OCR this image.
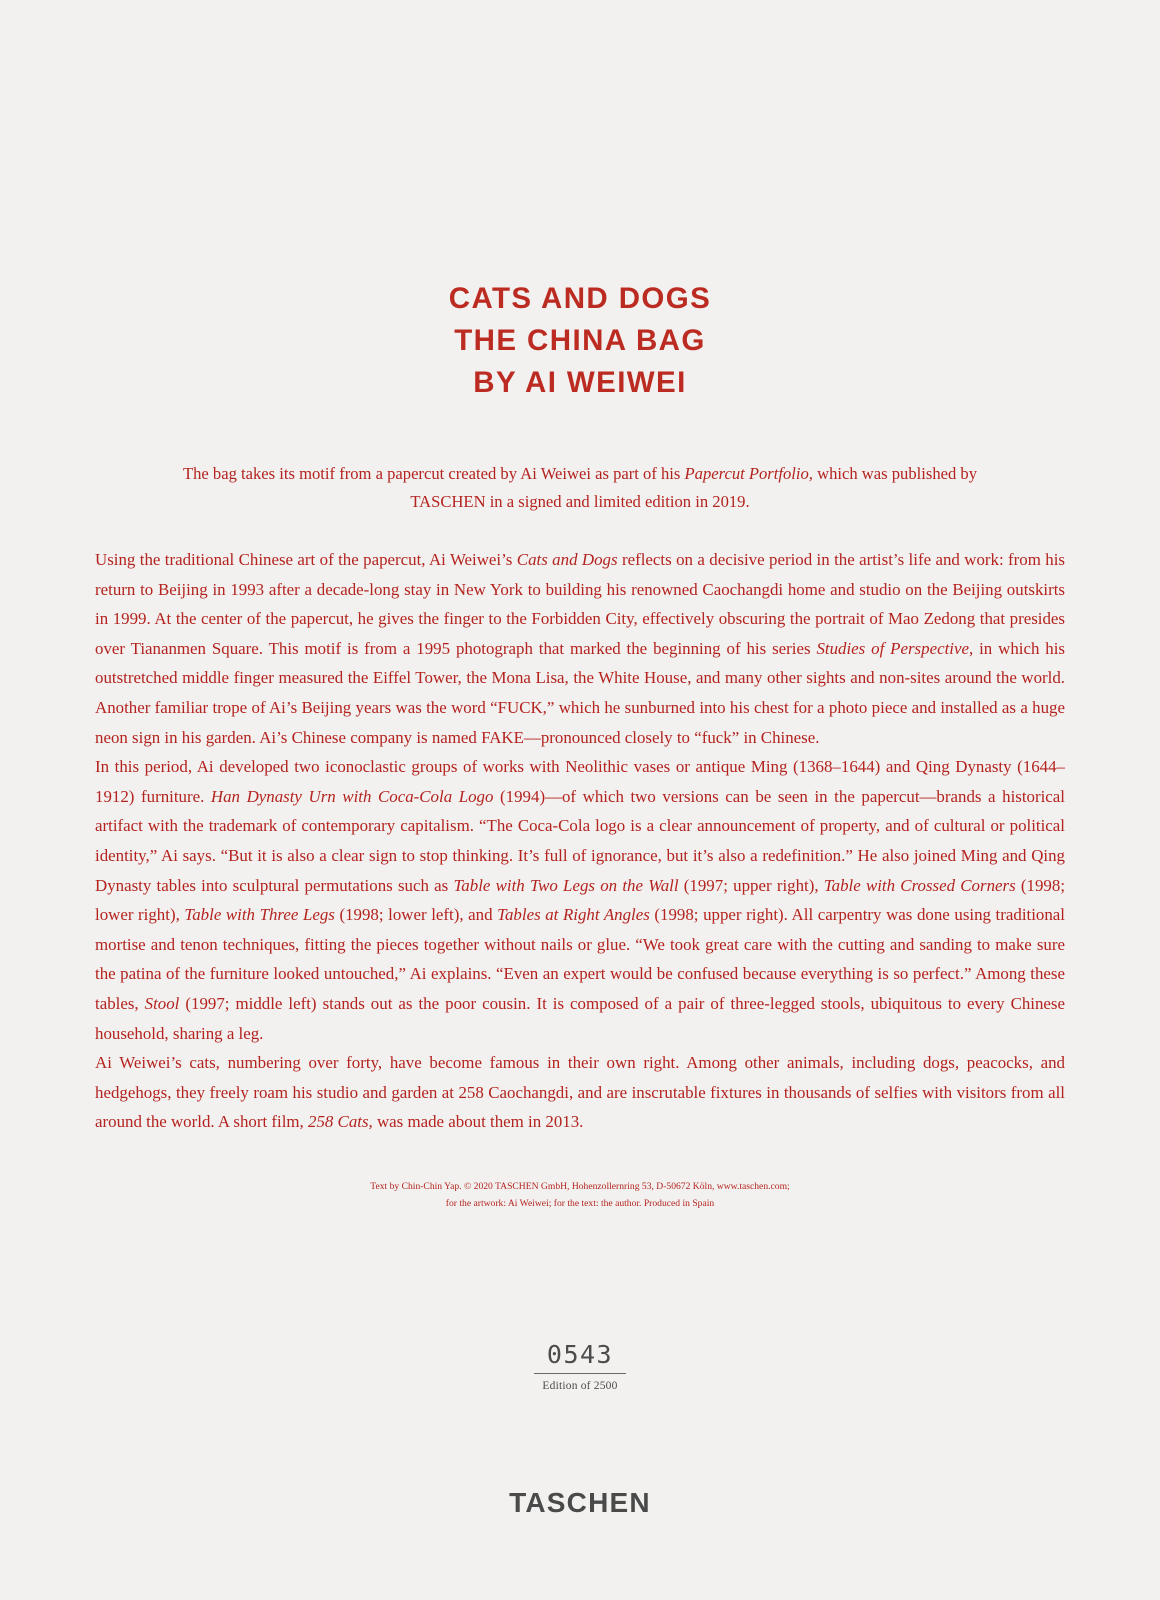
CATS AND DOGS
THE CHINA BAG
BY AI WEIWEI
The bag takes its motif from a papercut created by Ai Weiwei as part of his Papercut Portfolio, which was published by TASCHEN in a signed and limited edition in 2019.

Using the traditional Chinese art of the papercut, Ai Weiwei’s Cats and Dogs reflects on a decisive period in the artist’s life and work: from his return to Beijing in 1993 after a decade-long stay in New York to building his renowned Caochangdi home and studio on the Beijing outskirts in 1999. At the center of the papercut, he gives the finger to the Forbidden City, effectively obscuring the portrait of Mao Zedong that presides over Tiananmen Square. This motif is from a 1995 photograph that marked the beginning of his series Studies of Perspective, in which his outstretched middle finger measured the Eiffel Tower, the Mona Lisa, the White House, and many other sights and non-sites around the world. Another familiar trope of Ai’s Beijing years was the word “FUCK,” which he sunburned into his chest for a photo piece and installed as a huge neon sign in his garden. Ai’s Chinese company is named FAKE—pronounced closely to “fuck” in Chinese.

In this period, Ai developed two iconoclastic groups of works with Neolithic vases or antique Ming (1368–1644) and Qing Dynasty (1644–1912) furniture. Han Dynasty Urn with Coca-Cola Logo (1994)—of which two versions can be seen in the papercut—brands a historical artifact with the trademark of contemporary capitalism. “The Coca-Cola logo is a clear announcement of property, and of cultural or political identity,” Ai says. “But it is also a clear sign to stop thinking. It’s full of ignorance, but it’s also a redefinition.” He also joined Ming and Qing Dynasty tables into sculptural permutations such as Table with Two Legs on the Wall (1997; upper right), Table with Crossed Corners (1998; lower right), Table with Three Legs (1998; lower left), and Tables at Right Angles (1998; upper right). All carpentry was done using traditional mortise and tenon techniques, fitting the pieces together without nails or glue. “We took great care with the cutting and sanding to make sure the patina of the furniture looked untouched,” Ai explains. “Even an expert would be confused because everything is so perfect.” Among these tables, Stool (1997; middle left) stands out as the poor cousin. It is composed of a pair of three-legged stools, ubiquitous to every Chinese household, sharing a leg.

Ai Weiwei’s cats, numbering over forty, have become famous in their own right. Among other animals, including dogs, peacocks, and hedgehogs, they freely roam his studio and garden at 258 Caochangdi, and are inscrutable fixtures in thousands of selfies with visitors from all around the world. A short film, 258 Cats, was made about them in 2013.

Text by Chin-Chin Yap. © 2020 TASCHEN GmbH, Hohenzollernring 53, D-50672 Köln, www.taschen.com;
for the artwork: Ai Weiwei; for the text: the author. Produced in Spain
0543
Edition of 2500
TASCHEN
